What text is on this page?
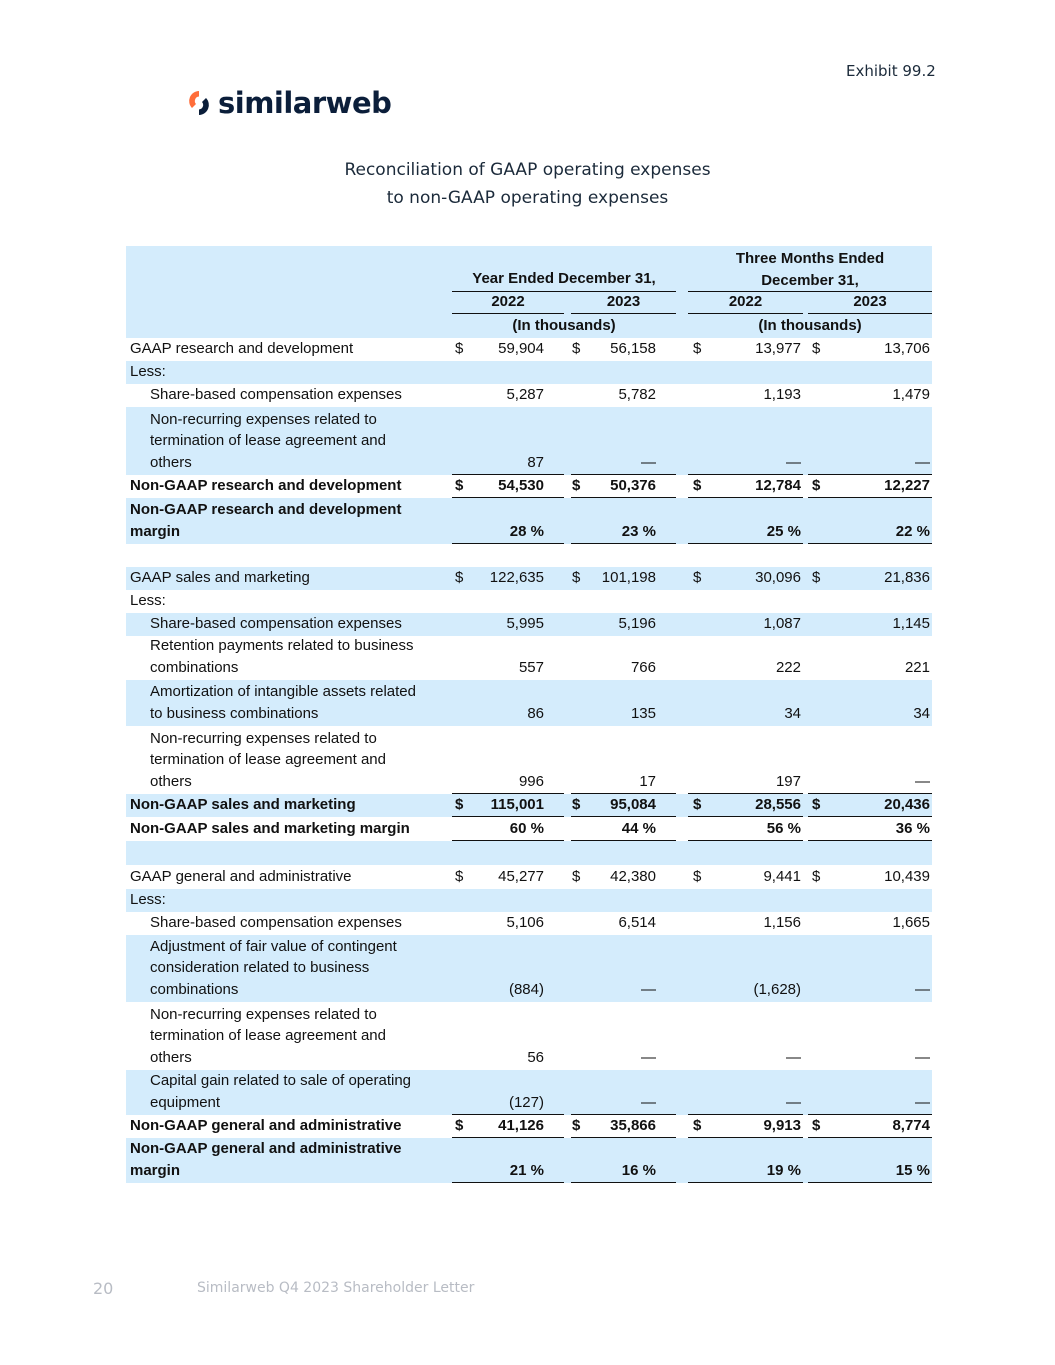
Exhibit 99.2
similarweb
Reconciliation of GAAP operating expenses
to non-GAAP operating expenses
Year Ended December 31,
Three Months Ended
December 31,
2022	2023	2022	2023
(In thousands)	(In thousands)
GAAP research and development	$ 59,904 $ 56,158 $	13,977 $	13,706
Less:
Share-based compensation expenses	5,287	5,782	1,193	1,479
Non-recurring expenses related to
termination of lease agreement and
others	87	—	—	—
Non-GAAP research and development	$ 54,530 $ 50,376 $	12,784 $	12,227
Non-GAAP research and development
margin	28 %	23 %	25 %	22 %
GAAP sales and marketing	$ 122,635 $ 101,198 $	30,096 $	21,836
Less:
Share-based compensation expenses	5,995	5,196	1,087	1,145
Retention payments related to business
combinations	557	766	222	221
Amortization of intangible assets related
to business combinations	86	135	34	34
Non-recurring expenses related to
termination of lease agreement and
others	996	17	197	—
Non-GAAP sales and marketing	$ 115,001 $ 95,084 $	28,556 $	20,436
Non-GAAP sales and marketing margin	60 %	44 %	56 %	36 %
GAAP general and administrative	$ 45,277 $ 42,380 $	9,441 $	10,439
Less:
Share-based compensation expenses	5,106	6,514	1,156	1,665
Adjustment of fair value of contingent
consideration related to business
combinations	(884)	—	(1,628)	—
Non-recurring expenses related to
termination of lease agreement and
others	56	—	—	—
Capital gain related to sale of operating
equipment	(127)	—	—	—
Non-GAAP general and administrative	$ 41,126 $ 35,866 $	9,913 $	8,774
Non-GAAP general and administrative
margin	21 %	16 %	19 %	15 %
20	Similarweb Q4 2023 Shareholder Letter
